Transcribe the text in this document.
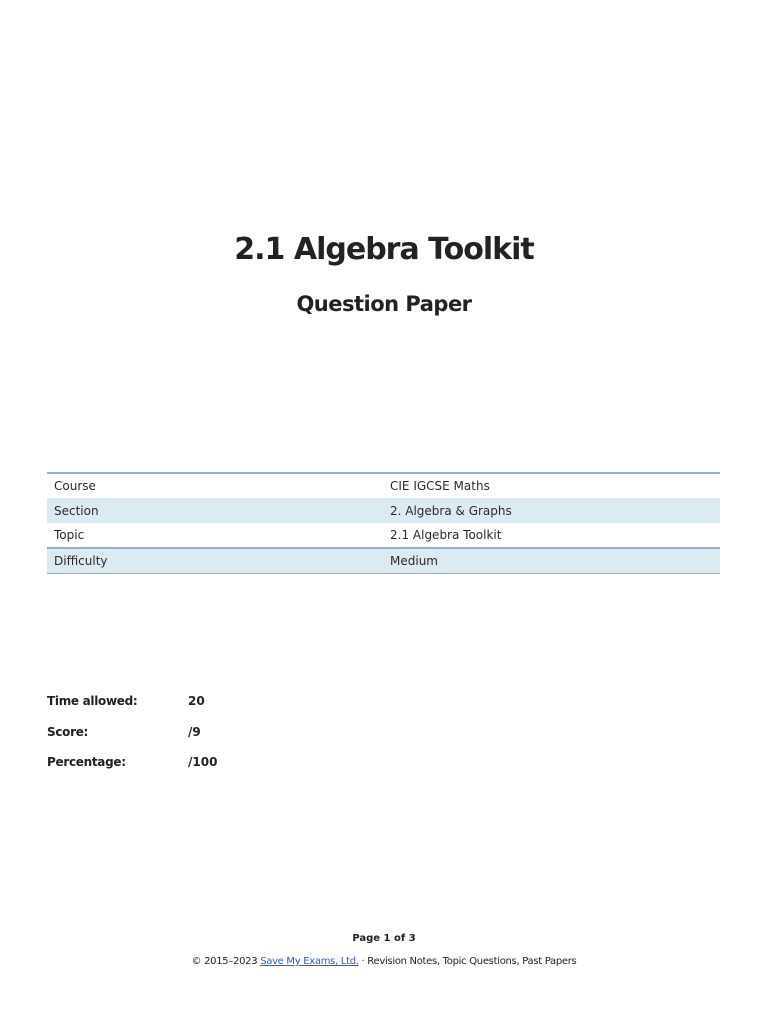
2.1 Algebra Toolkit
Question Paper
Course	CIE IGCSE Maths
Section	2. Algebra & Graphs
Topic	2.1 Algebra Toolkit
Difficulty	Medium
Time allowed:	20
Score:	/9
Percentage:	/100
Page 1 of 3
© 2015–2023 Save My Exams, Ltd. · Revision Notes, Topic Questions, Past Papers
